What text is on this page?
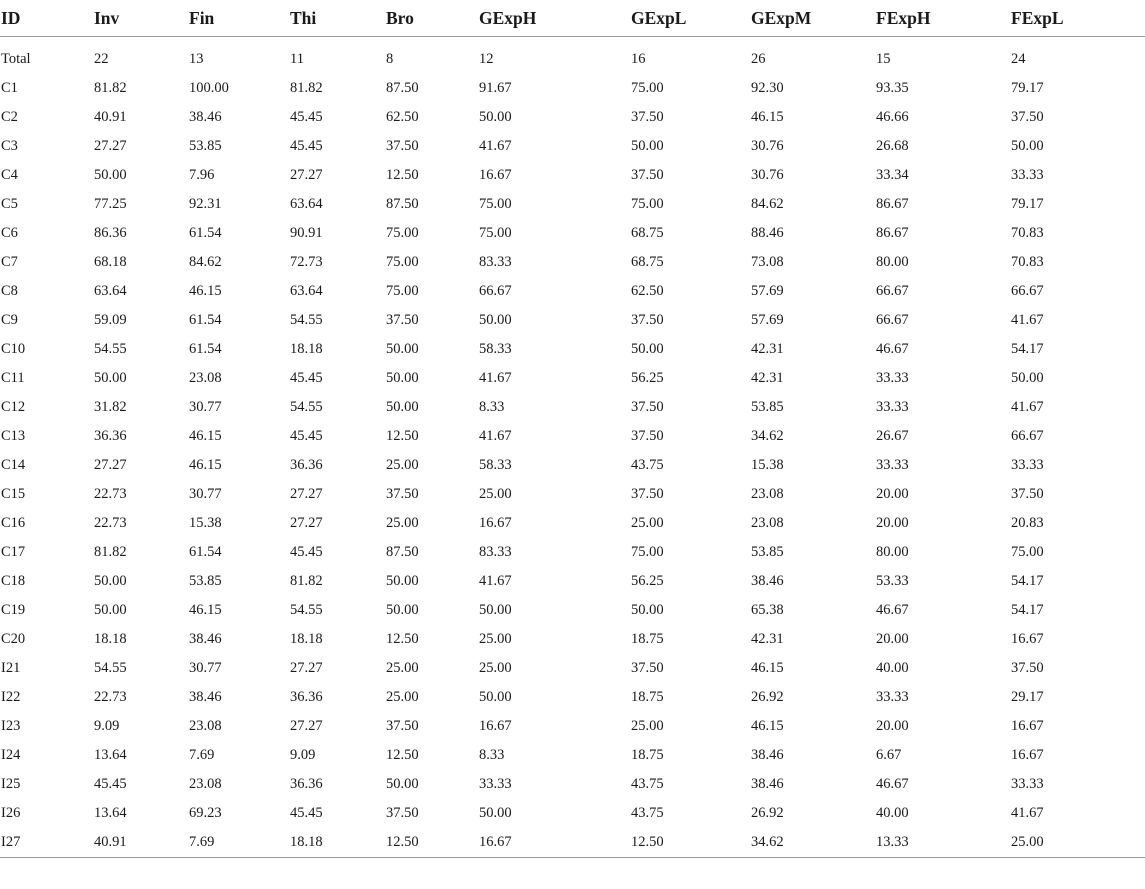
ID	Inv	Fin	Thi	Bro	GExpH	GExpL	GExpM	FExpH	FExpL	

Total	22	13	11	8	12	16	26	15	24	
C1	81.82	100.00	81.82	87.50	91.67	75.00	92.30	93.35	79.17	
C2	40.91	38.46	45.45	62.50	50.00	37.50	46.15	46.66	37.50	
C3	27.27	53.85	45.45	37.50	41.67	50.00	30.76	26.68	50.00	
C4	50.00	7.96	27.27	12.50	16.67	37.50	30.76	33.34	33.33	
C5	77.25	92.31	63.64	87.50	75.00	75.00	84.62	86.67	79.17	
C6	86.36	61.54	90.91	75.00	75.00	68.75	88.46	86.67	70.83	
C7	68.18	84.62	72.73	75.00	83.33	68.75	73.08	80.00	70.83	
C8	63.64	46.15	63.64	75.00	66.67	62.50	57.69	66.67	66.67	
C9	59.09	61.54	54.55	37.50	50.00	37.50	57.69	66.67	41.67	
C10	54.55	61.54	18.18	50.00	58.33	50.00	42.31	46.67	54.17	
C11	50.00	23.08	45.45	50.00	41.67	56.25	42.31	33.33	50.00	
C12	31.82	30.77	54.55	50.00	8.33	37.50	53.85	33.33	41.67	
C13	36.36	46.15	45.45	12.50	41.67	37.50	34.62	26.67	66.67	
C14	27.27	46.15	36.36	25.00	58.33	43.75	15.38	33.33	33.33	
C15	22.73	30.77	27.27	37.50	25.00	37.50	23.08	20.00	37.50	
C16	22.73	15.38	27.27	25.00	16.67	25.00	23.08	20.00	20.83	
C17	81.82	61.54	45.45	87.50	83.33	75.00	53.85	80.00	75.00	
C18	50.00	53.85	81.82	50.00	41.67	56.25	38.46	53.33	54.17	
C19	50.00	46.15	54.55	50.00	50.00	50.00	65.38	46.67	54.17	
C20	18.18	38.46	18.18	12.50	25.00	18.75	42.31	20.00	16.67	
I21	54.55	30.77	27.27	25.00	25.00	37.50	46.15	40.00	37.50	
I22	22.73	38.46	36.36	25.00	50.00	18.75	26.92	33.33	29.17	
I23	9.09	23.08	27.27	37.50	16.67	25.00	46.15	20.00	16.67	
I24	13.64	7.69	9.09	12.50	8.33	18.75	38.46	6.67	16.67	
I25	45.45	23.08	36.36	50.00	33.33	43.75	38.46	46.67	33.33	
I26	13.64	69.23	45.45	37.50	50.00	43.75	26.92	40.00	41.67	
I27	40.91	7.69	18.18	12.50	16.67	12.50	34.62	13.33	25.00	
